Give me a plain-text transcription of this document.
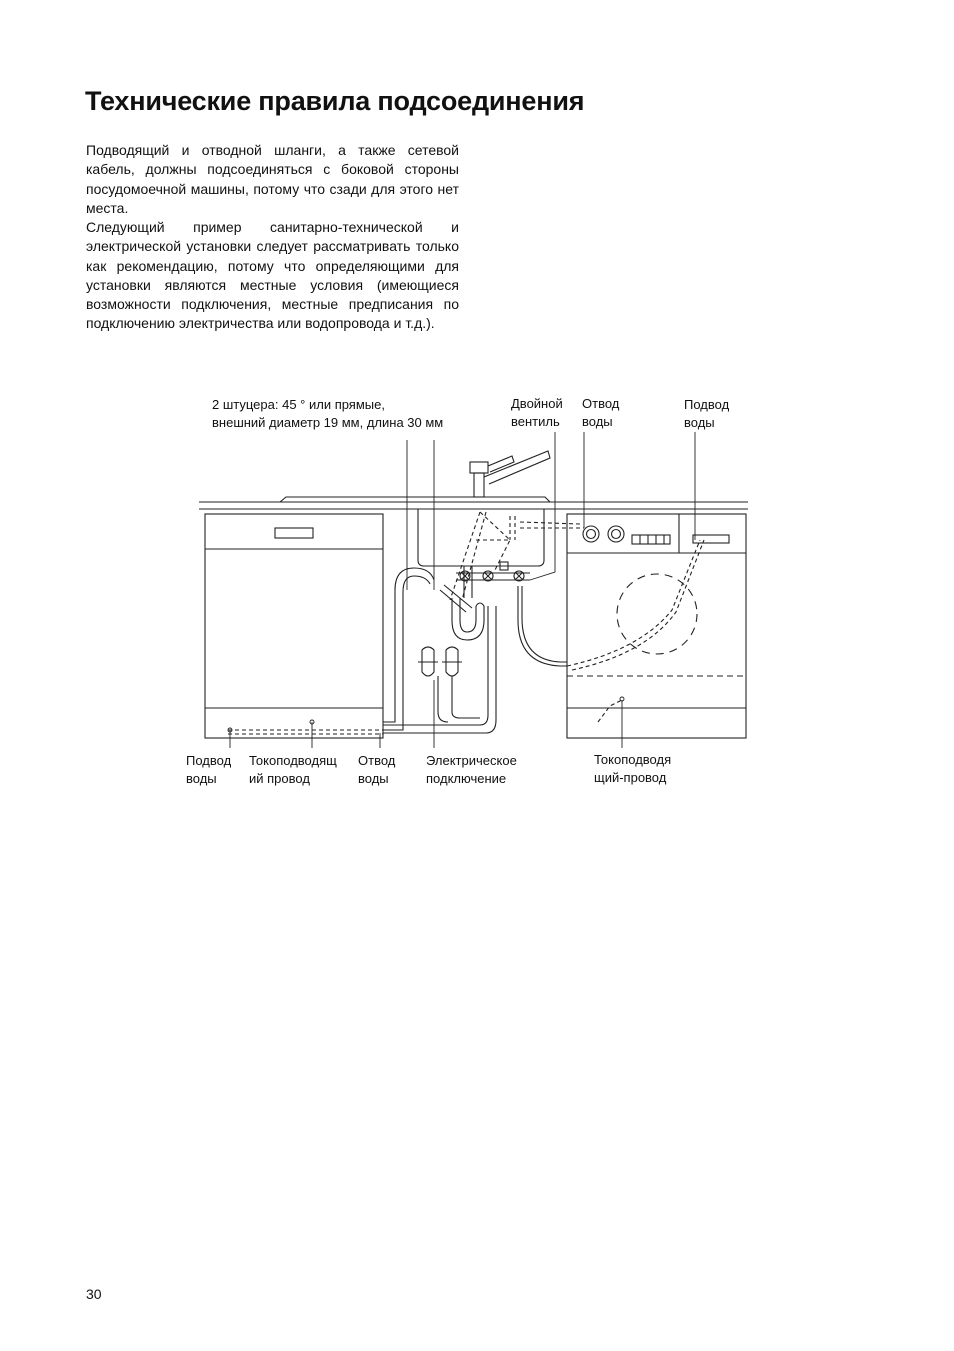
Технические правила подсоединения

Подводящий и отводной шланги, а также сетевой кабель, должны подсоединяться с боковой стороны посудомоечной машины, потому что сзади для этого нет места.

Следующий пример санитарно-технической и электрической установки следует рассматривать только как рекомендацию, потому что определяющими для установки являются местные условия (имеющиеся возможности подключения, местные предписания по подключению электричества или водопровода и т.д.).

2 штуцера: 45 ° или прямые,
внешний диаметр 19 мм, длина 30 мм
Двойной
вентиль
Отвод
воды
Подвод
воды
Подвод
воды
Токоподводящ
ий провод
Отвод
воды
Электрическое
подключение
Токоподводя
щий-провод
30
